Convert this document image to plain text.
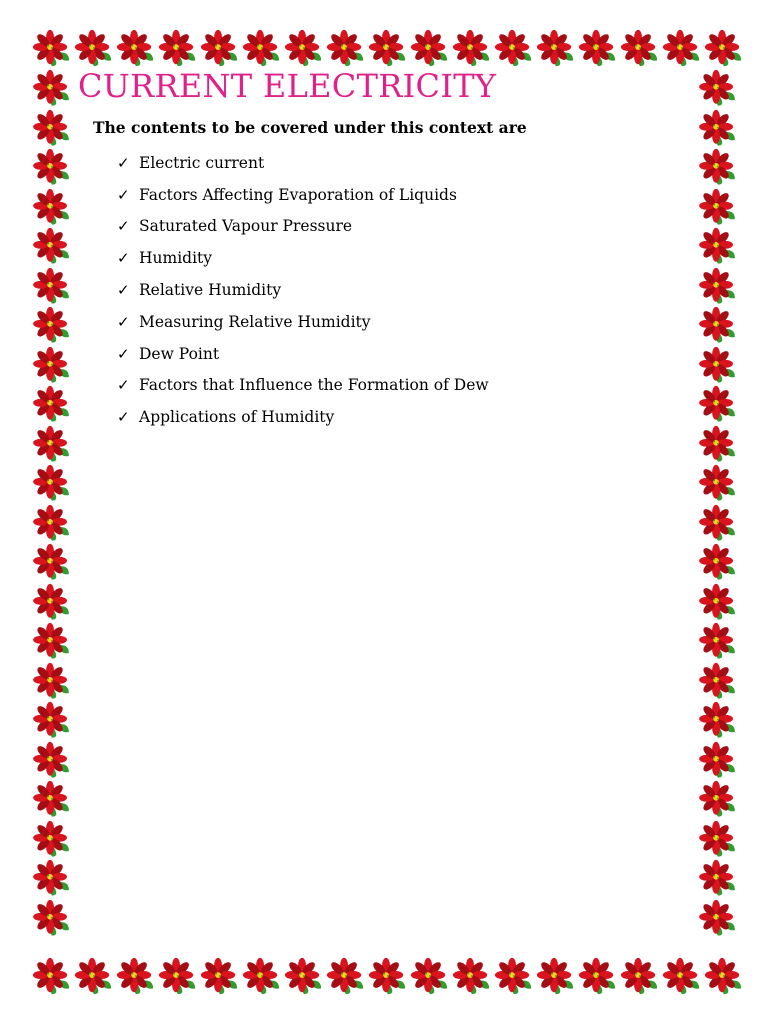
CURRENT ELECTRICITY

The contents to be covered under this context are

✓ Electric current
✓ Factors Affecting Evaporation of Liquids
✓ Saturated Vapour Pressure
✓ Humidity
✓ Relative Humidity
✓ Measuring Relative Humidity
✓ Dew Point
✓ Factors that Influence the Formation of Dew
✓ Applications of Humidity
